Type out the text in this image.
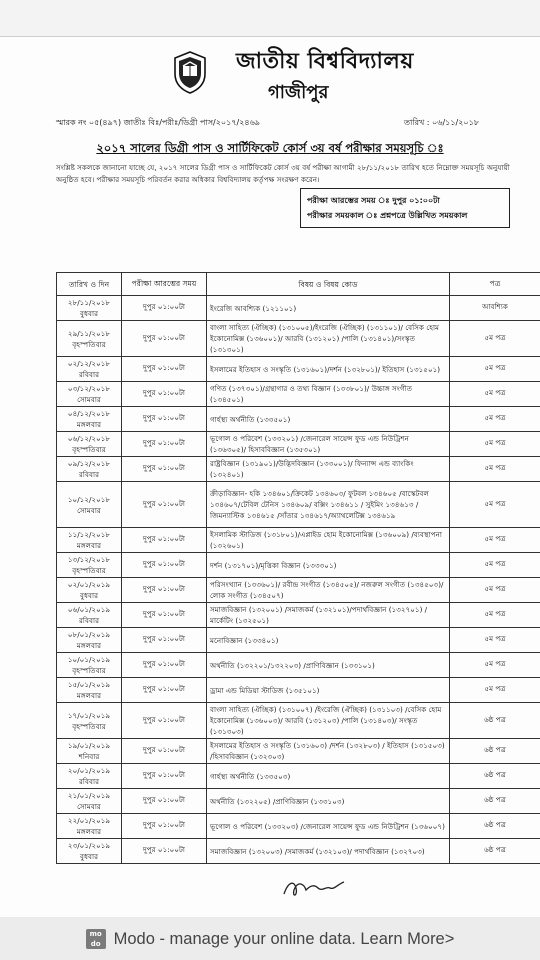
জাতীয় বিশ্ববিদ্যালয়
গাজীপুর
স্মারক নং ০৫(৪৯৭) জাতীঃ বিঃ/পরীঃ/ডিগ্রী পাস/২০১৭/২৪৬৯	তারিখ : ০৬/১১/২০১৮
২০১৭ সালের ডিগ্রী পাস ও সার্টিফিকেট কোর্স ৩য় বর্ষ পরীক্ষার সময়সূচি ঃ
সংশ্লিষ্ট সকলকে জানানো যাচ্ছে যে, ২০১৭ সালের ডিগ্রী পাস ও সার্টিফিকেট কোর্স ৩য় বর্ষ পরীক্ষা আগামী ২৮/১১/২০১৮ তারিখ হতে নিম্নোক্ত সময়সূচি অনুযায়ী অনুষ্ঠিত হবে। পরীক্ষার সময়সূচি পরিবর্তন করার অধিকার বিশ্ববিদ্যালয় কর্তৃপক্ষ সংরক্ষণ করেন।
পরীক্ষা আরম্ভের সময় ঃ দুপুর ০১:০০টা
পরীক্ষার সময়কাল ঃ প্রশ্নপত্রে উল্লিখিত সময়কাল
তারিখ ও দিন	পরীক্ষা আরম্ভের সময়	বিষয় ও বিষয় কোড	পত্র

২৮/১১/২০১৮
বুধবার	দুপুর ০১:০০টা	ইংরেজি আবশ্যিক (১২১১০১)	আবশ্যিক

২৯/১১/২০১৮
বৃহস্পতিবার	দুপুর ০১:০০টা	বাংলা সাহিত্য (ঐচ্ছিক) (১৩১০০৫)/ইংরেজি (ঐচ্ছিক) (১৩১১০১)/ বেসিক হোম ইকোনোমিক্স (১৩৬০০১)/ আরবি (১৩১২০১) /পালি (১৩১৪০১)/সংস্কৃত (১৩১৩০১)	৫ম পত্র

০২/১২/২০১৮
রবিবার	দুপুর ০১:০০টা	ইসলামের ইতিহাস ও সংস্কৃতি (১৩১৬০১)/দর্শন (১৩২৮০১)/ ইতিহাস (১৩১৫০১)	৫ম পত্র

০৩/১২/২০১৮
সোমবার	দুপুর ০১:০০টা	গণিত (১৩৭৩০১)/গ্রন্থাগার ও তথ্য বিজ্ঞান (১৩৩৮০১)/ উচ্চাঙ্গ সংগীত (১৩৪৫০১)	৫ম পত্র

০৪/১২/২০১৮
মঙ্গলবার	দুপুর ০১:০০টা	গার্হস্থ্য অর্থনীতি (১৩৩৫০১)	৫ম পত্র

০৬/১২/২০১৮
বৃহস্পতিবার	দুপুর ০১:০০টা	ভূগোল ও পরিবেশ (১৩৩২০১) /জেনারেল সায়েন্স ফুড এন্ড নিউট্রিশন (১৩৬৩০৫)/ হিসাববিজ্ঞান (১৩৫৩০১)	৫ম পত্র

০৯/১২/২০১৮
রবিবার	দুপুর ০১:০০টা	রাষ্ট্রবিজ্ঞান (১৩১৯০১)/উদ্ভিদবিজ্ঞান (১৩৩০০১)/ ফিন্যান্স এন্ড ব্যাংকিং (১৩২৪০১)	৫ম পত্র

১০/১২/২০১৮
সোমবার	দুপুর ০১:০০টা	ক্রীড়াবিজ্ঞান- হকি ১৩৪৬০১/ক্রিকেট ১৩৪৬০৩/ ফুটবল ১৩৪৬০৫ /বাস্কেটবল ১৩৪৬০৭/টেবিল টেনিস ১৩৪৬০৯/ বক্সিং ১৩৪৬১১ / সুইমিং ১৩৪৬১৩ /জিমন্যাস্টিক ১৩৪৬১৫ /সাঁতার ১৩৪৬১৭/অ্যাথলেটিক্স ১৩৪৬১৯	৫ম পত্র

১১/১২/২০১৮
মঙ্গলবার	দুপুর ০১:০০টা	ইসলামিক স্টাডিজ (১৩১৮০১)/এপ্লাইড হোম ইকোনোমিক্স (১৩৬০০৯) /ব্যবস্থাপনা (১৩২৬০১)	৫ম পত্র

১৩/১২/২০১৮
বৃহস্পতিবার	দুপুর ০১:০০টা	দর্শন (১৩১৭০১)/মৃত্তিকা বিজ্ঞান (১৩৩৩০১)	৫ম পত্র

০২/০১/২০১৯
বুধবার	দুপুর ০১:০০টা	পরিসংখ্যান (১৩৩৬০১)/ রবীন্দ্র সংগীত (১৩৪৫০৫)/ নজরুল সংগীত (১৩৪৫০৩)/লোক সংগীত (১৩৪৫০৭)	৫ম পত্র

০৬/০১/২০১৯
রবিবার	দুপুর ০১:০০টা	সমাজবিজ্ঞান (১৩২০০১) /সমাজকর্ম (১৩২১০১)/পদার্থবিজ্ঞান (১৩২৭০১) /মার্কেটিং (১৩২৫০১)	৫ম পত্র

০৮/০১/২০১৯
মঙ্গলবার	দুপুর ০১:০০টা	মনোবিজ্ঞান (১৩৩৪০১)	৫ম পত্র

১০/০১/২০১৯
বৃহস্পতিবার	দুপুর ০১:০০টা	অর্থনীতি (১৩২২০১/১৩২২০৩) /প্রাণিবিজ্ঞান (১৩৩১০১)	৫ম পত্র

১৫/০১/২০১৯
মঙ্গলবার	দুপুর ০১:০০টা	ড্রামা এন্ড মিডিয়া স্টাডিজ (১৩৫১০১)	৫ম পত্র

১৭/০১/২০১৯
বৃহস্পতিবার	দুপুর ০১:০০টা	বাংলা সাহিত্য (ঐচ্ছিক) (১৩১০০৭) /ইংরেজি (ঐচ্ছিক) (১৩১১০৩) /বেসিক হোম ইকোনোমিক্স (১৩৬০০৩)/ আরবি (১৩১২০৩) /পালি (১৩১৪০৩)/ সংস্কৃত (১৩১৩০৩)	৬ষ্ঠ পত্র

১৯/০১/২০১৯
শনিবার	দুপুর ০১:০০টা	ইসলামের ইতিহাস ও সংস্কৃতি (১৩১৬০৩) /দর্শন (১৩২৮০৩) / ইতিহাস (১৩১৫০৩) /হিসাববিজ্ঞান (১৩২৩০৩)	৬ষ্ঠ পত্র

২০/০১/২০১৯
রবিবার	দুপুর ০১:০০টা	গার্হস্থ্য অর্থনীতি (১৩৩৫০৩)	৬ষ্ঠ পত্র

২১/০১/২০১৯
সোমবার	দুপুর ০১:০০টা	অর্থনীতি (১৩২২০৫) /প্রাণিবিজ্ঞান (১৩৩১০৩)	৬ষ্ঠ পত্র

২২/০১/২০১৯
মঙ্গলবার	দুপুর ০১:০০টা	ভূগোল ও পরিবেশ (১৩৩২০৩) /জেনারেল সায়েন্স ফুড এন্ড নিউট্রিশন (১৩৬০০৭)	৬ষ্ঠ পত্র

২৩/০১/২০১৯
বুধবার	দুপুর ০১:০০টা	সমাজবিজ্ঞান (১৩২০০৩) /সমাজকর্ম (১৩২১০৩)/ পদার্থবিজ্ঞান (১৩২৭০৩)	৬ষ্ঠ পত্র
mo do Modo - manage your online data. Learn More>
